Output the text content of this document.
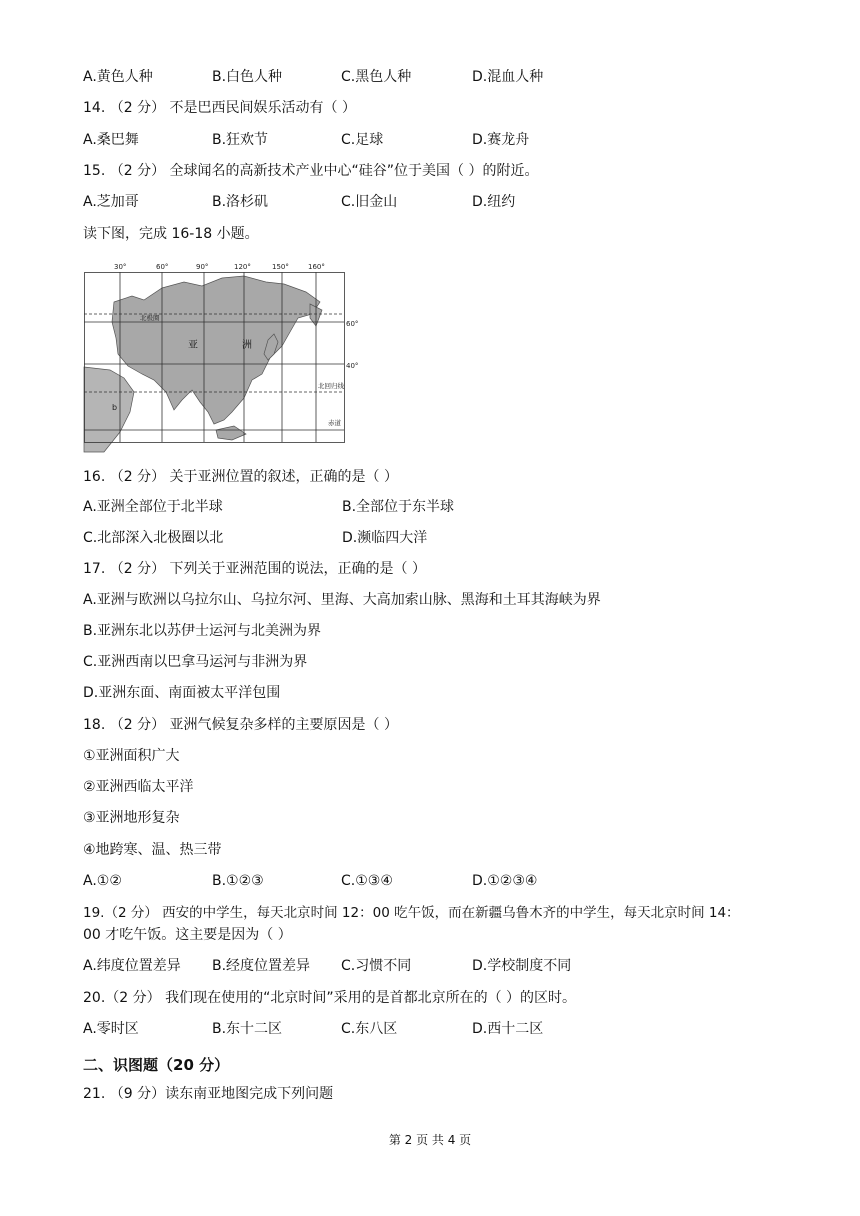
A.黄色人种	B.白色人种	C.黑色人种	D.混血人种
14. （2 分） 不是巴西民间娱乐活动有（ ）
A.桑巴舞	B.狂欢节	C.足球	D.赛龙舟
15. （2 分） 全球闻名的高新技术产业中心“硅谷”位于美国（ ）的附近。
A.芝加哥	B.洛杉矶	C.旧金山	D.纽约
读下图，完成 16-18 小题。
30°	60°	90°	120°	150°	160°
60°
40°
北极圈
北回归线
赤道
亚	洲
b
16. （2 分） 关于亚洲位置的叙述，正确的是（ ）
A.亚洲全部位于北半球	B.全部位于东半球
C.北部深入北极圈以北	D.濒临四大洋
17. （2 分） 下列关于亚洲范围的说法，正确的是（ ）
A.亚洲与欧洲以乌拉尔山、乌拉尔河、里海、大高加索山脉、黑海和土耳其海峡为界
B.亚洲东北以苏伊士运河与北美洲为界
C.亚洲西南以巴拿马运河与非洲为界
D.亚洲东面、南面被太平洋包围
18. （2 分） 亚洲气候复杂多样的主要原因是（ ）
①亚洲面积广大
②亚洲西临太平洋
③亚洲地形复杂
④地跨寒、温、热三带
A.①②	B.①②③	C.①③④	D.①②③④
19.（2 分） 西安的中学生，每天北京时间 12：00 吃午饭，而在新疆乌鲁木齐的中学生，每天北京时间 14：
00 才吃午饭。这主要是因为（ ）
A.纬度位置差异 B.经度位置差异 C.习惯不同	D.学校制度不同
20.（2 分） 我们现在使用的“北京时间”采用的是首都北京所在的（ ）的区时。
A.零时区	B.东十二区	C.东八区	D.西十二区
二、识图题（20 分）
21. （9 分）读东南亚地图完成下列问题
第 2 页 共 4 页
